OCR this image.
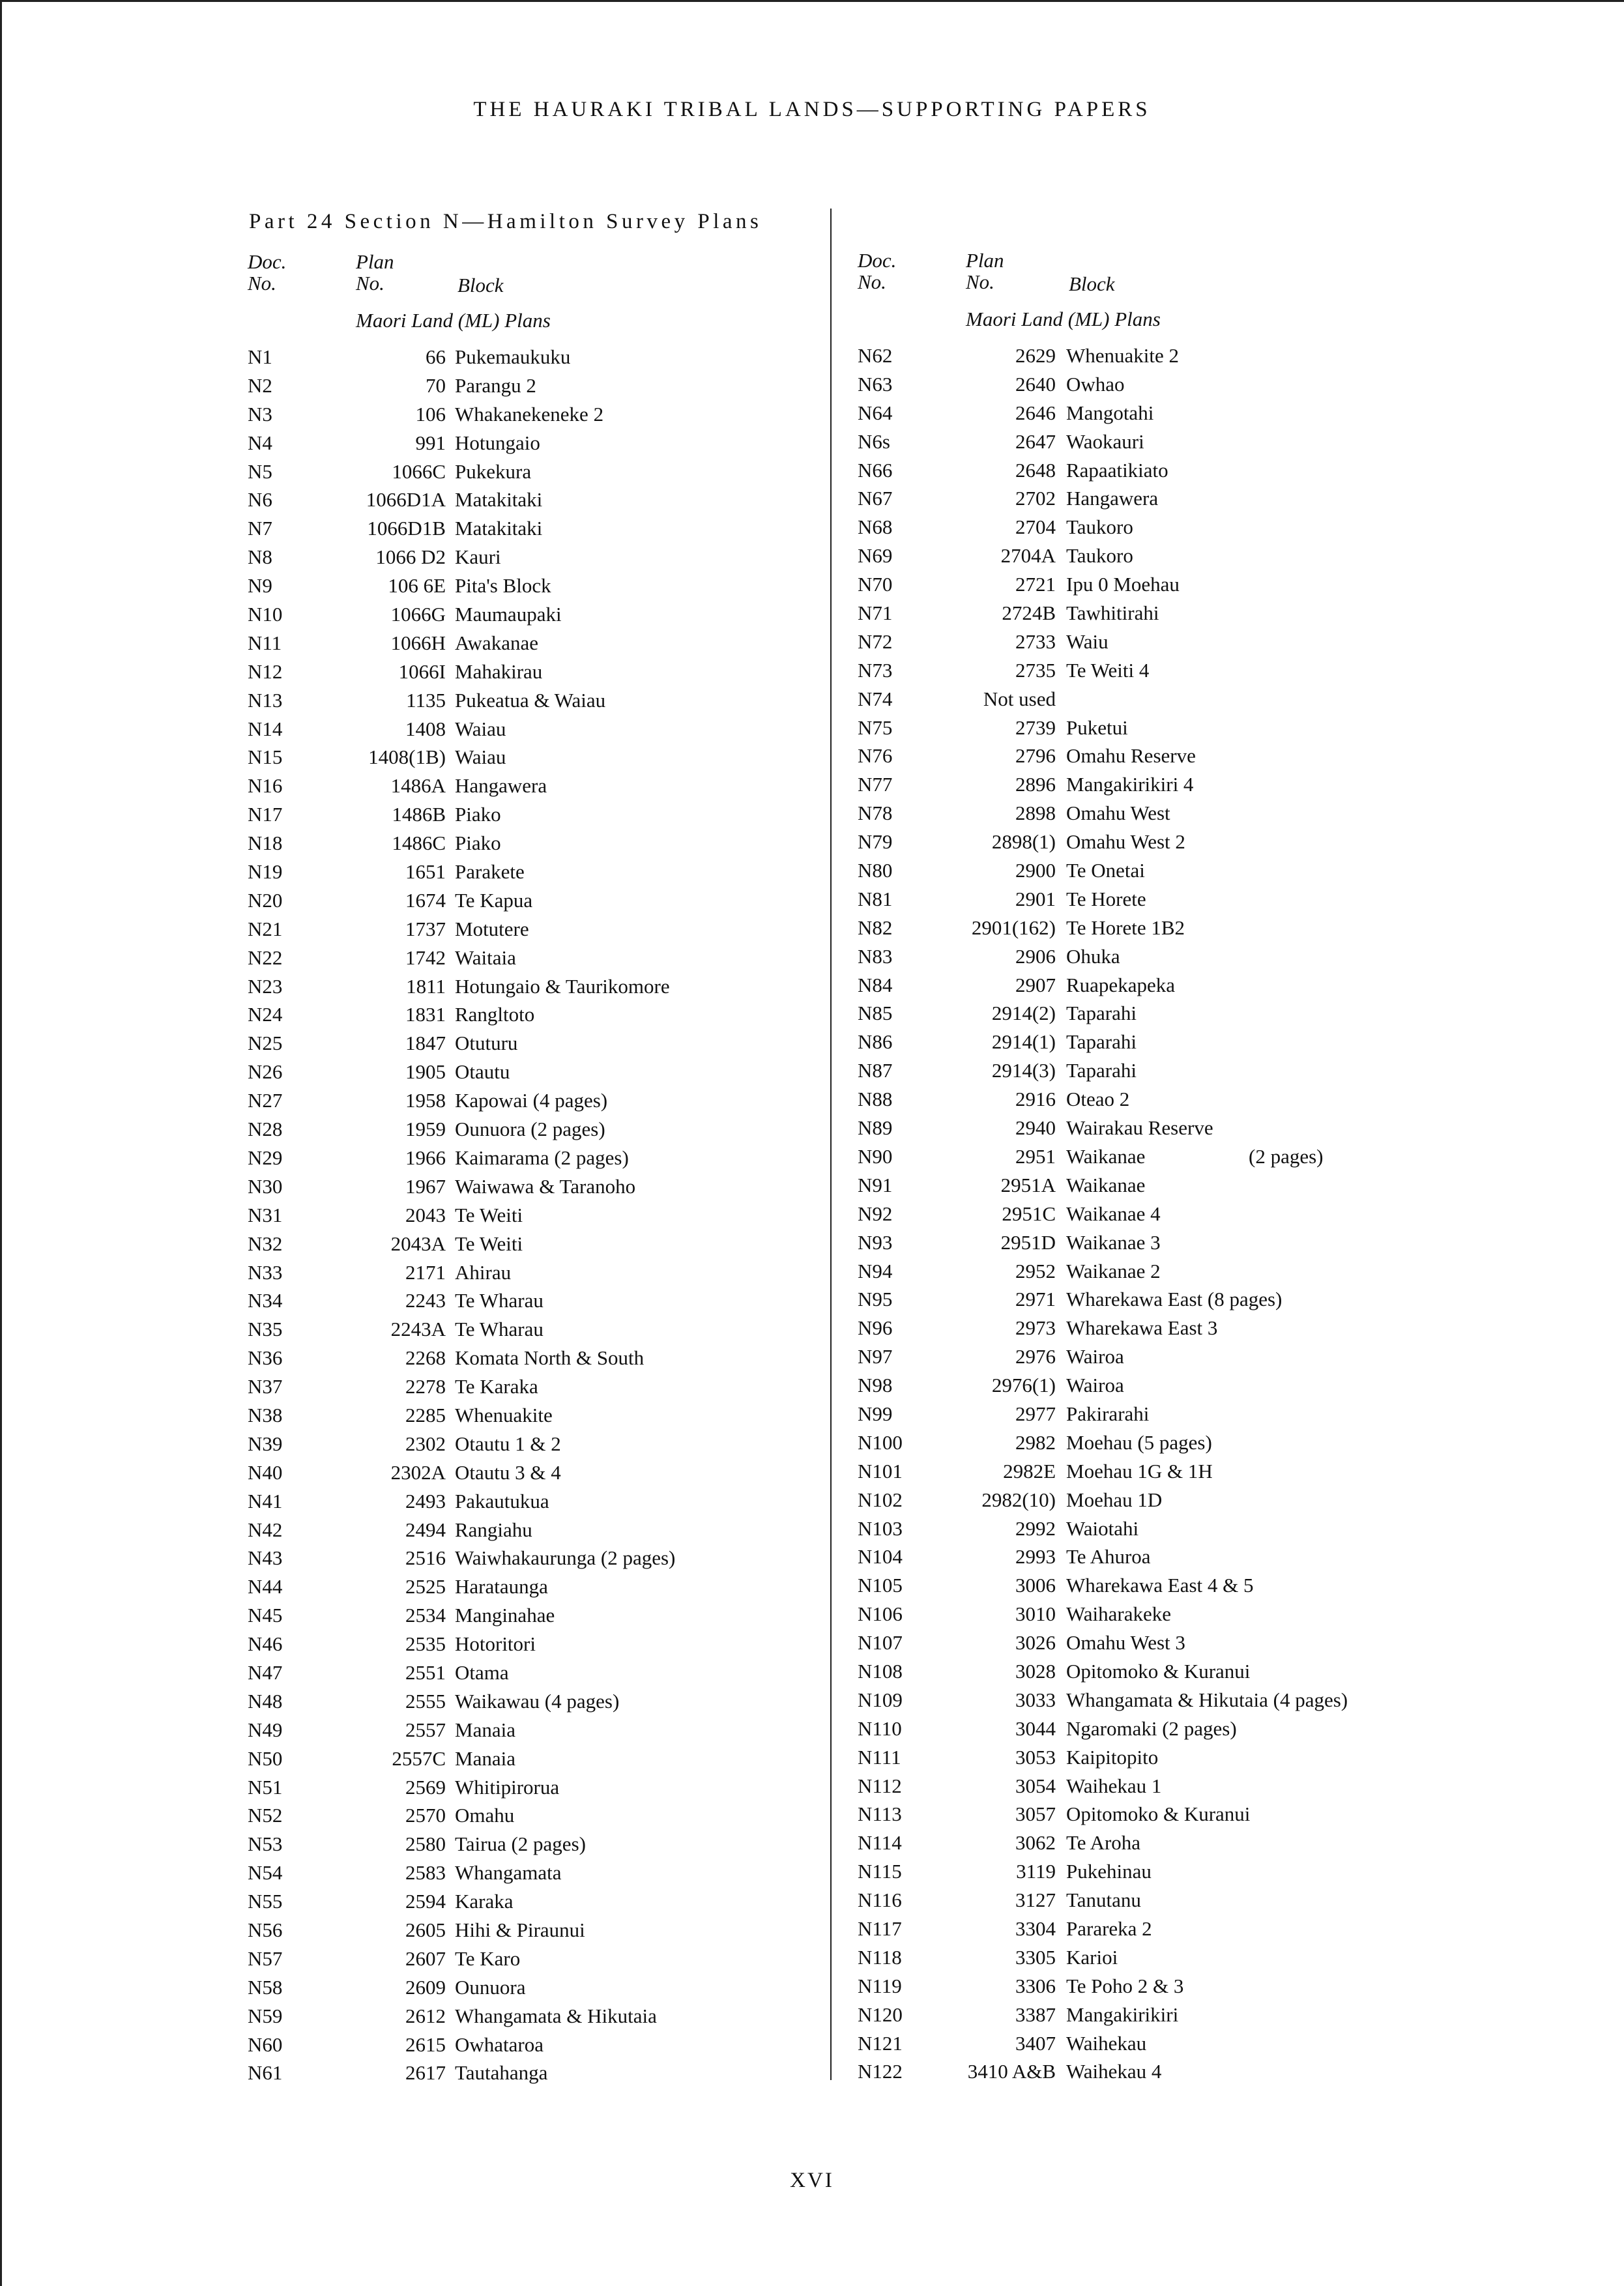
THE HAURAKI TRIBAL LANDS—SUPPORTING PAPERS
Part 24 Section N—Hamilton Survey Plans
Doc.
No.
Plan
No.	Block
Maori Land (ML) Plans
N1	66 Pukemaukuku
N2	70 Parangu 2
N3	106 Whakanekeneke 2
N4	991 Hotungaio
N5	1066C Pukekura
N6	1066D1A Matakitaki
N7	1066D1B Matakitaki
N8	1066 D2 Kauri
N9	106 6E Pita's Block
N10	1066G Maumaupaki
N11	1066H Awakanae
N12	1066I Mahakirau
N13	1135 Pukeatua & Waiau
N14	1408 Waiau
N15	1408(1B) Waiau
N16	1486A Hangawera
N17	1486B Piako
N18	1486C Piako
N19	1651 Parakete
N20	1674 Te Kapua
N21	1737 Motutere
N22	1742 Waitaia
N23	1811 Hotungaio & Taurikomore
N24	1831 Rangltoto
N25	1847 Otuturu
N26	1905 Otautu
N27	1958 Kapowai (4 pages)
N28	1959 Ounuora (2 pages)
N29	1966 Kaimarama (2 pages)
N30	1967 Waiwawa & Taranoho
N31	2043 Te Weiti
N32	2043A Te Weiti
N33	2171 Ahirau
N34	2243 Te Wharau
N35	2243A Te Wharau
N36	2268 Komata North & South
N37	2278 Te Karaka
N38	2285 Whenuakite
N39	2302 Otautu 1 & 2
N40	2302A Otautu 3 & 4
N41	2493 Pakautukua
N42	2494 Rangiahu
N43	2516 Waiwhakaurunga (2 pages)
N44	2525 Harataunga
N45	2534 Manginahae
N46	2535 Hotoritori
N47	2551 Otama
N48	2555 Waikawau (4 pages)
N49	2557 Manaia
N50	2557C Manaia
N51	2569 Whitipirorua
N52	2570 Omahu
N53	2580 Tairua (2 pages)
N54	2583 Whangamata
N55	2594 Karaka
N56	2605 Hihi & Piraunui
N57	2607 Te Karo
N58	2609 Ounuora
N59	2612 Whangamata & Hikutaia
N60	2615 Owhataroa
N61	2617 Tautahanga
Doc.
No.
Plan
No.	Block
Maori Land (ML) Plans
N62	2629 Whenuakite 2
N63	2640 Owhao
N64	2646 Mangotahi
N6s	2647 Waokauri
N66	2648 Rapaatikiato
N67	2702 Hangawera
N68	2704 Taukoro
N69	2704A Taukoro
N70	2721 Ipu 0 Moehau
N71	2724B Tawhitirahi
N72	2733 Waiu
N73	2735 Te Weiti 4
N74	Not used
N75	2739 Puketui
N76	2796 Omahu Reserve
N77	2896 Mangakirikiri 4
N78	2898 Omahu West
N79	2898(1) Omahu West 2
N80	2900 Te Onetai
N81	2901 Te Horete
N82	2901(162) Te Horete 1B2
N83	2906 Ohuka
N84	2907 Ruapekapeka
N85	2914(2) Taparahi
N86	2914(1) Taparahi
N87	2914(3) Taparahi
N88	2916 Oteao 2
N89	2940 Wairakau Reserve
N90	2951 Waikanae	(2 pages)
N91	2951A Waikanae
N92	2951C Waikanae 4
N93	2951D Waikanae 3
N94	2952 Waikanae 2
N95	2971 Wharekawa East (8 pages)
N96	2973 Wharekawa East 3
N97	2976 Wairoa
N98	2976(1) Wairoa
N99	2977 Pakirarahi
N100	2982 Moehau (5 pages)
N101	2982E Moehau 1G & 1H
N102	2982(10) Moehau 1D
N103	2992 Waiotahi
N104	2993 Te Ahuroa
N105	3006 Wharekawa East 4 & 5
N106	3010 Waiharakeke
N107	3026 Omahu West 3
N108	3028 Opitomoko & Kuranui
N109	3033 Whangamata & Hikutaia (4 pages)
N110	3044 Ngaromaki (2 pages)
N111	3053 Kaipitopito
N112	3054 Waihekau 1
N113	3057 Opitomoko & Kuranui
N114	3062 Te Aroha
N115	3119 Pukehinau
N116	3127 Tanutanu
N117	3304 Parareka 2
N118	3305 Karioi
N119	3306 Te Poho 2 & 3
N120	3387 Mangakirikiri
N121	3407 Waihekau
N122	3410 A&B Waihekau 4
XVI
